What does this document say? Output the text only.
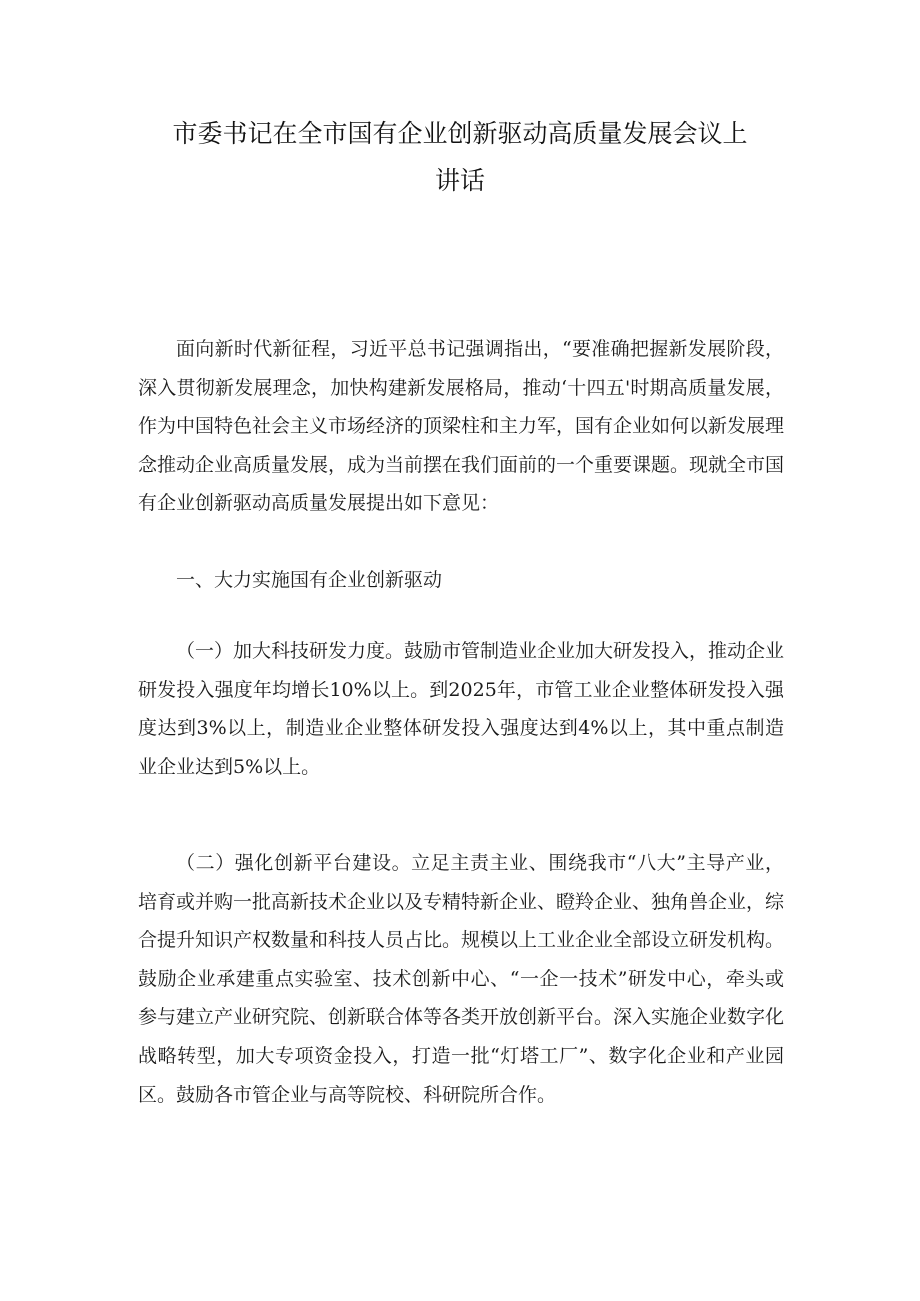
市委书记在全市国有企业创新驱动高质量发展会议上
讲话

面向新时代新征程，习近平总书记强调指出，“要准确把握新发展阶段，深入贯彻新发展理念，加快构建新发展格局，推动‘十四五'时期高质量发展，作为中国特色社会主义市场经济的顶梁柱和主力军，国有企业如何以新发展理念推动企业高质量发展，成为当前摆在我们面前的一个重要课题。现就全市国有企业创新驱动高质量发展提出如下意见：

一、大力实施国有企业创新驱动

（一）加大科技研发力度。鼓励市管制造业企业加大研发投入，推动企业研发投入强度年均增长10%以上。到2025年，市管工业企业整体研发投入强度达到3%以上，制造业企业整体研发投入强度达到4%以上，其中重点制造业企业达到5%以上。

（二）强化创新平台建设。立足主责主业、围绕我市“八大”主导产业，培育或并购一批高新技术企业以及专精特新企业、瞪羚企业、独角兽企业，综合提升知识产权数量和科技人员占比。规模以上工业企业全部设立研发机构。鼓励企业承建重点实验室、技术创新中心、“一企一技术”研发中心，牵头或参与建立产业研究院、创新联合体等各类开放创新平台。深入实施企业数字化战略转型，加大专项资金投入，打造一批“灯塔工厂”、数字化企业和产业园区。鼓励各市管企业与高等院校、科研院所合作。
